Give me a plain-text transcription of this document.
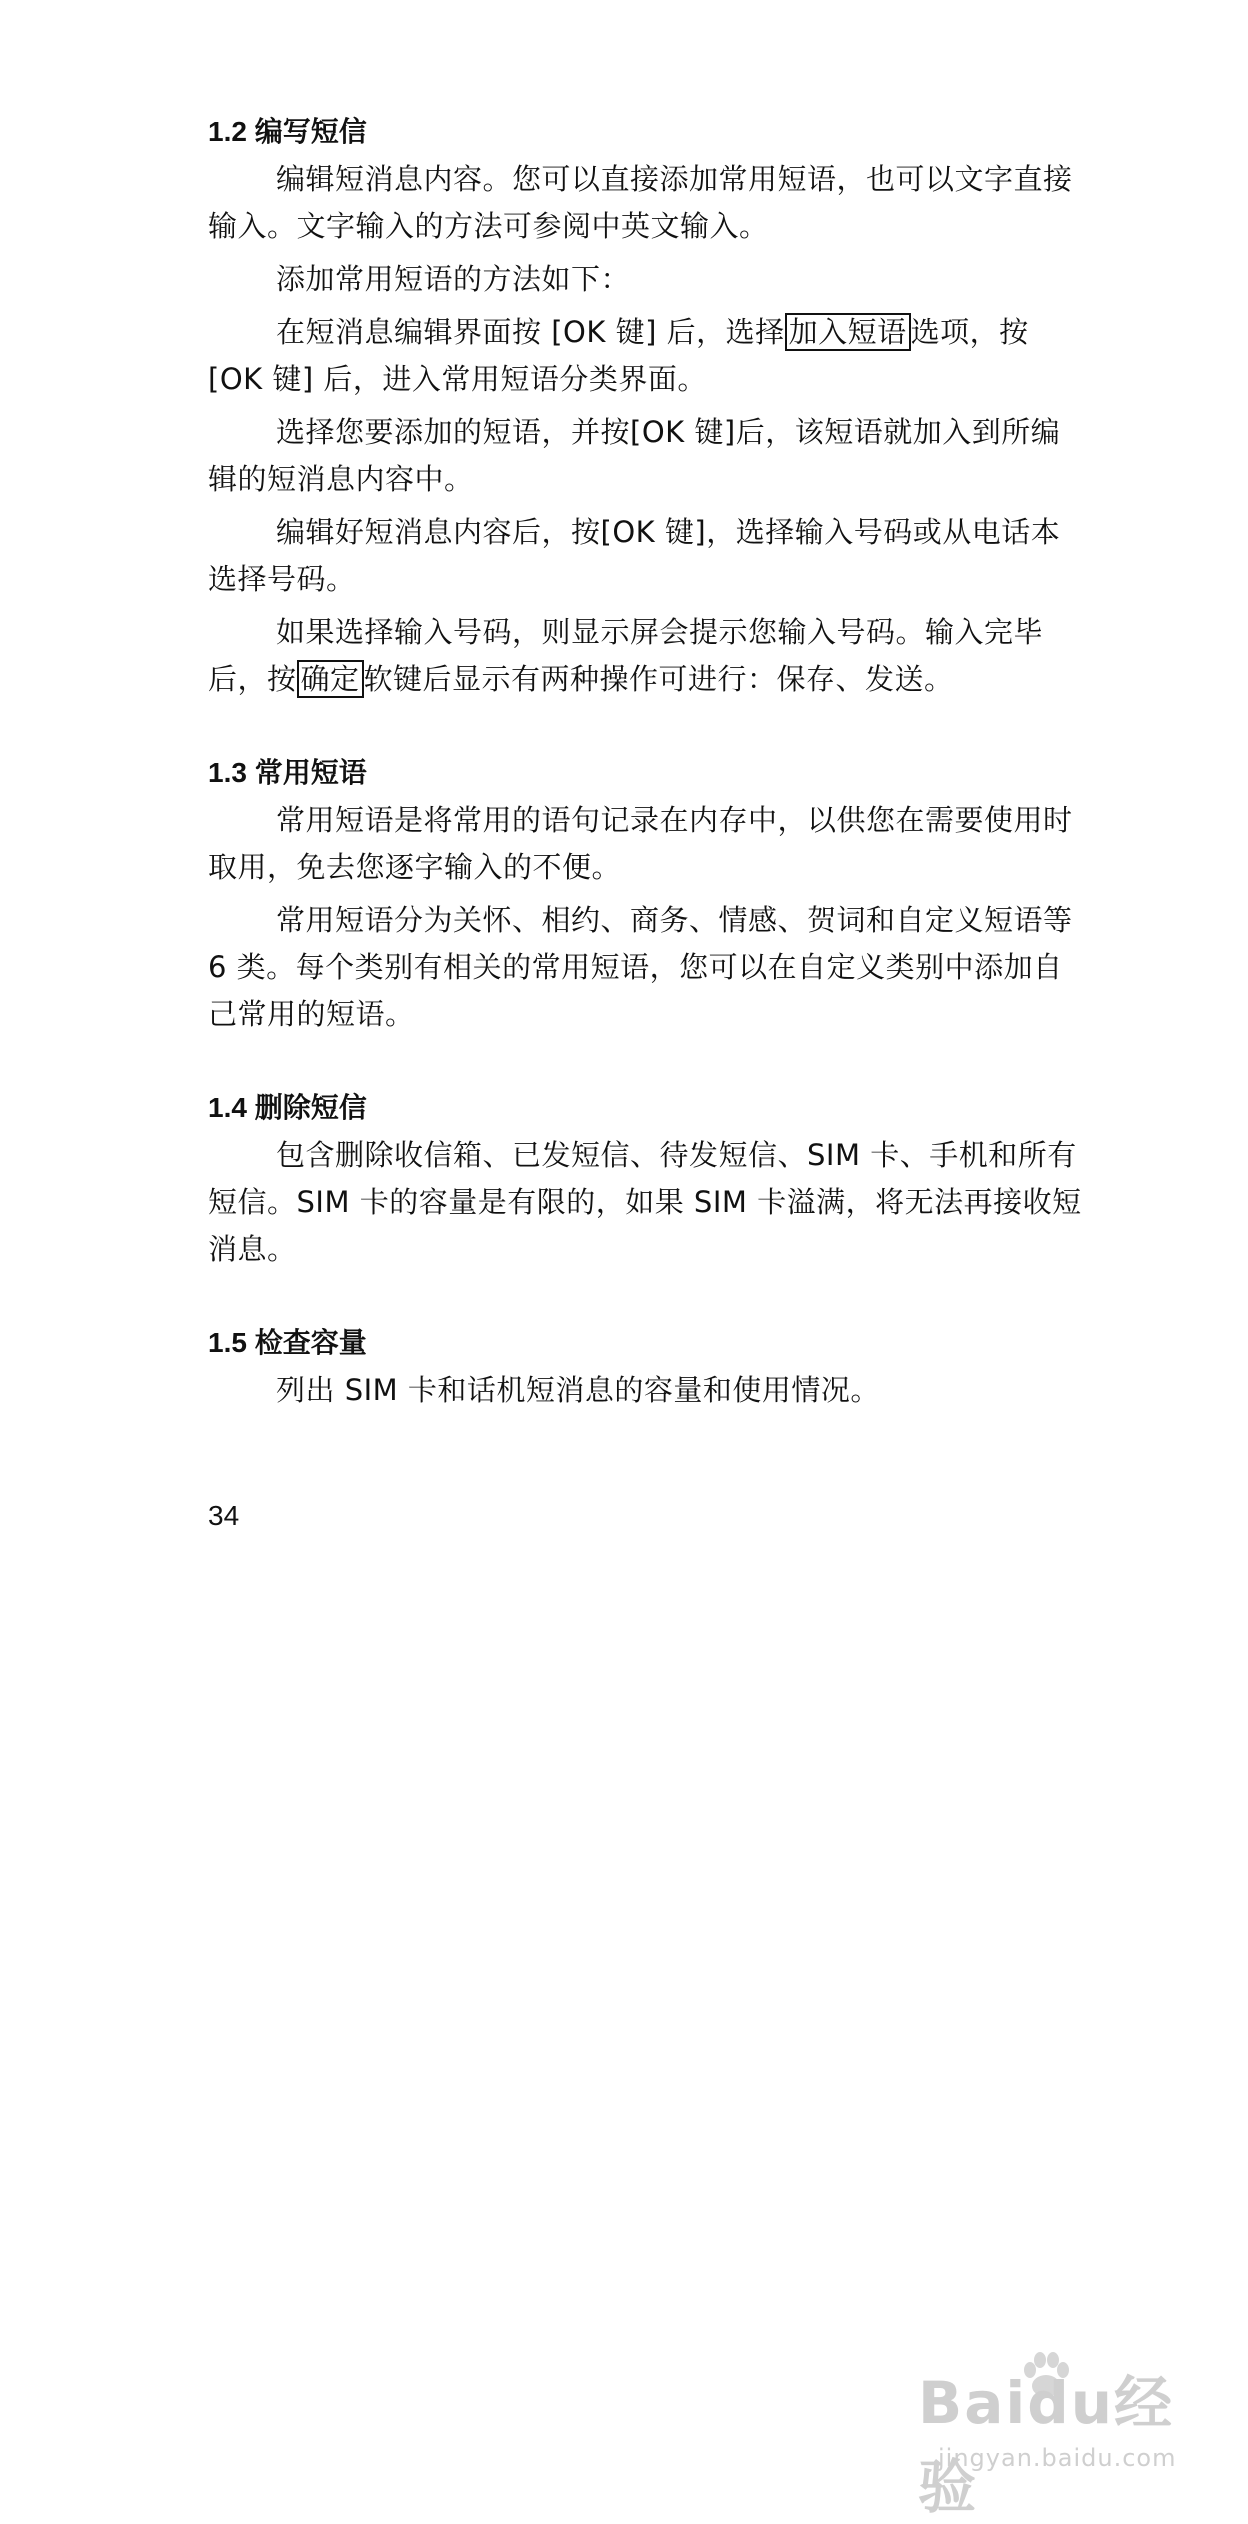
1.2 编写短信
编辑短消息内容。您可以直接添加常用短语，也可以文字直接输入。文字输入的方法可参阅中英文输入。
添加常用短语的方法如下：
在短消息编辑界面按 [OK 键] 后，选择 加入短语 选项，按 [OK 键] 后，进入常用短语分类界面。
选择您要添加的短语，并按[OK 键]后，该短语就加入到所编辑的短消息内容中。
编辑好短消息内容后，按[OK 键]，选择输入号码或从电话本选择号码。
如果选择输入号码，则显示屏会提示您输入号码。输入完毕后，按 确定 软键后显示有两种操作可进行：保存、发送。
1.3 常用短语
常用短语是将常用的语句记录在内存中，以供您在需要使用时取用，免去您逐字输入的不便。
常用短语分为关怀、相约、商务、情感、贺词和自定义短语等 6 类。每个类别有相关的常用短语，您可以在自定义类别中添加自己常用的短语。
1.4 删除短信
包含删除收信箱、已发短信、待发短信、SIM 卡、手机和所有短信。SIM 卡的容量是有限的，如果 SIM 卡溢满，将无法再接收短消息。
1.5 检查容量
列出 SIM 卡和话机短消息的容量和使用情况。
34
Baidu经验
jingyan.baidu.com
